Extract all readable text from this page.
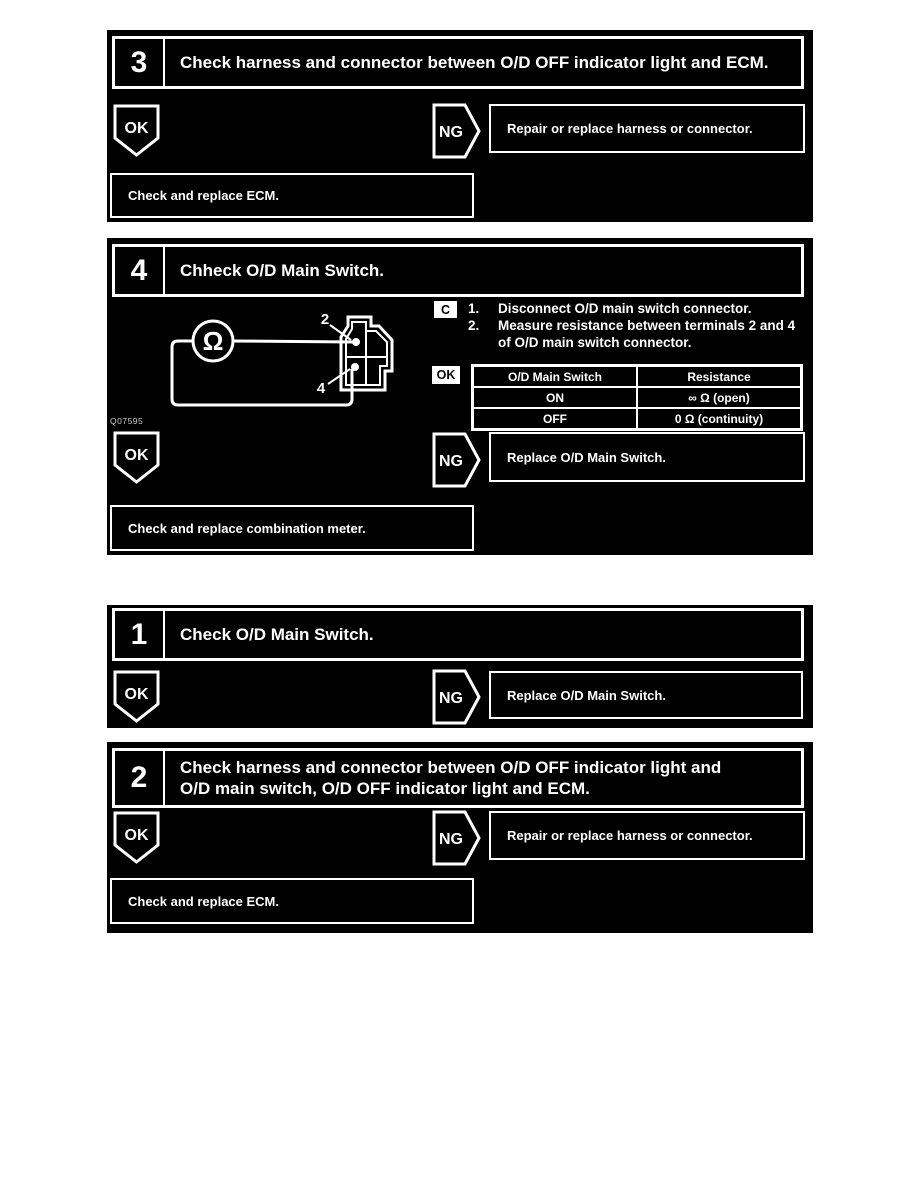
3	Check harness and connector between O/D OFF indicator light and ECM.
OK	NG	Repair or replace harness or connector.
Check and replace ECM.
4	Chheck O/D Main Switch.
Ω
2
4
C	1.	Disconnect O/D main switch connector.
2.	Measure resistance between terminals 2 and 4 of O/D main switch connector.
OK	O/D Main Switch	Resistance
ON	∞ Ω (open)
OFF	0 Ω (continuity)
Q07595
OK	NG	Replace O/D Main Switch.
Check and replace combination meter.
1	Check O/D Main Switch.
OK	NG	Replace O/D Main Switch.
2	Check harness and connector between O/D OFF indicator light and
O/D main switch, O/D OFF indicator light and ECM.
OK	NG	Repair or replace harness or connector.
Check and replace ECM.
